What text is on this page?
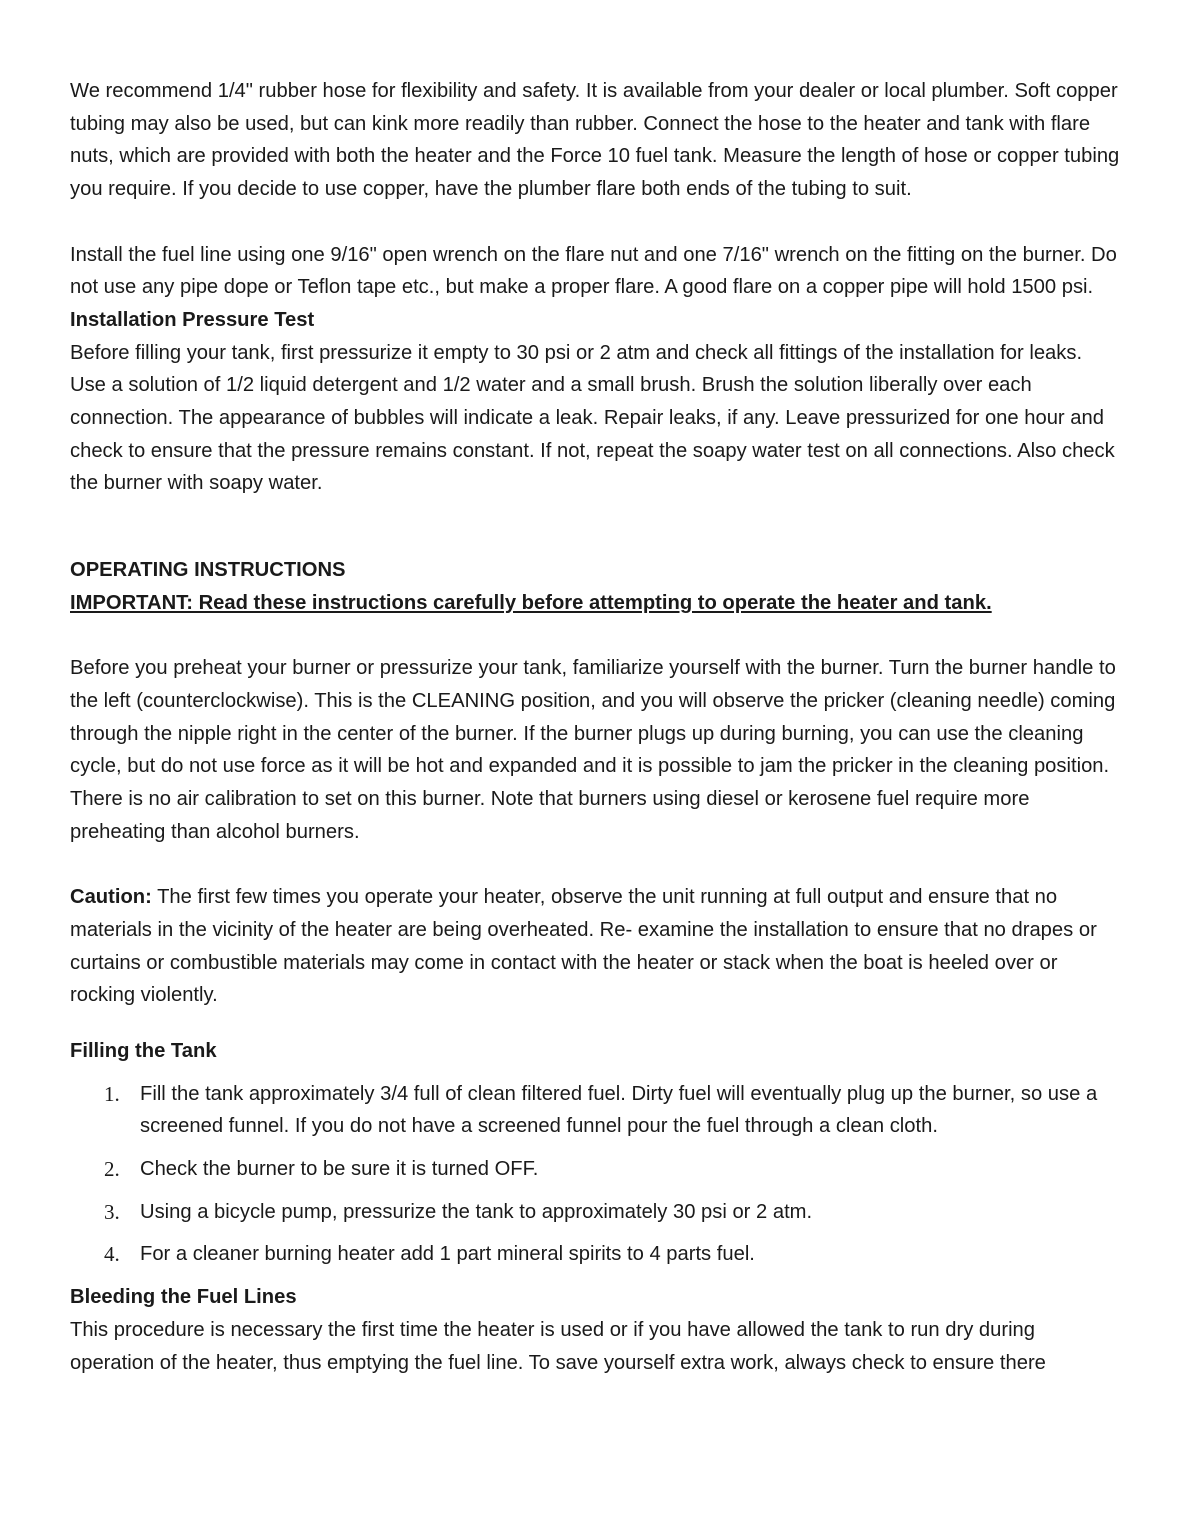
We recommend 1/4" rubber hose for flexibility and safety. It is available from your dealer or local plumber. Soft copper tubing may also be used, but can kink more readily than rubber. Connect the hose to the heater and tank with flare nuts, which are provided with both the heater and the Force 10 fuel tank. Measure the length of hose or copper tubing you require. If you decide to use copper, have the plumber flare both ends of the tubing to suit.

Install the fuel line using one 9/16" open wrench on the flare nut and one 7/16" wrench on the fitting on the burner. Do not use any pipe dope or Teflon tape etc., but make a proper flare. A good flare on a copper pipe will hold 1500 psi.

Installation Pressure Test

Before filling your tank, first pressurize it empty to 30 psi or 2 atm and check all fittings of the installation for leaks. Use a solution of 1/2 liquid detergent and 1/2 water and a small brush. Brush the solution liberally over each connection. The appearance of bubbles will indicate a leak. Repair leaks, if any. Leave pressurized for one hour and check to ensure that the pressure remains constant. If not, repeat the soapy water test on all connections. Also check the burner with soapy water.

OPERATING INSTRUCTIONS

IMPORTANT: Read these instructions carefully before attempting to operate the heater and tank.

Before you preheat your burner or pressurize your tank, familiarize yourself with the burner. Turn the burner handle to the left (counterclockwise). This is the CLEANING position, and you will observe the pricker (cleaning needle) coming through the nipple right in the center of the burner. If the burner plugs up during burning, you can use the cleaning cycle, but do not use force as it will be hot and expanded and it is possible to jam the pricker in the cleaning position. There is no air calibration to set on this burner. Note that burners using diesel or kerosene fuel require more preheating than alcohol burners.

Caution: The first few times you operate your heater, observe the unit running at full output and ensure that no materials in the vicinity of the heater are being overheated. Re- examine the installation to ensure that no drapes or curtains or combustible materials may come in contact with the heater or stack when the boat is heeled over or rocking violently.

Filling the Tank

1. Fill the tank approximately 3/4 full of clean filtered fuel. Dirty fuel will eventually plug up the burner, so use a screened funnel. If you do not have a screened funnel pour the fuel through a clean cloth.
2. Check the burner to be sure it is turned OFF.
3. Using a bicycle pump, pressurize the tank to approximately 30 psi or 2 atm.
4. For a cleaner burning heater add 1 part mineral spirits to 4 parts fuel.

Bleeding the Fuel Lines

This procedure is necessary the first time the heater is used or if you have allowed the tank to run dry during operation of the heater, thus emptying the fuel line. To save yourself extra work, always check to ensure there
